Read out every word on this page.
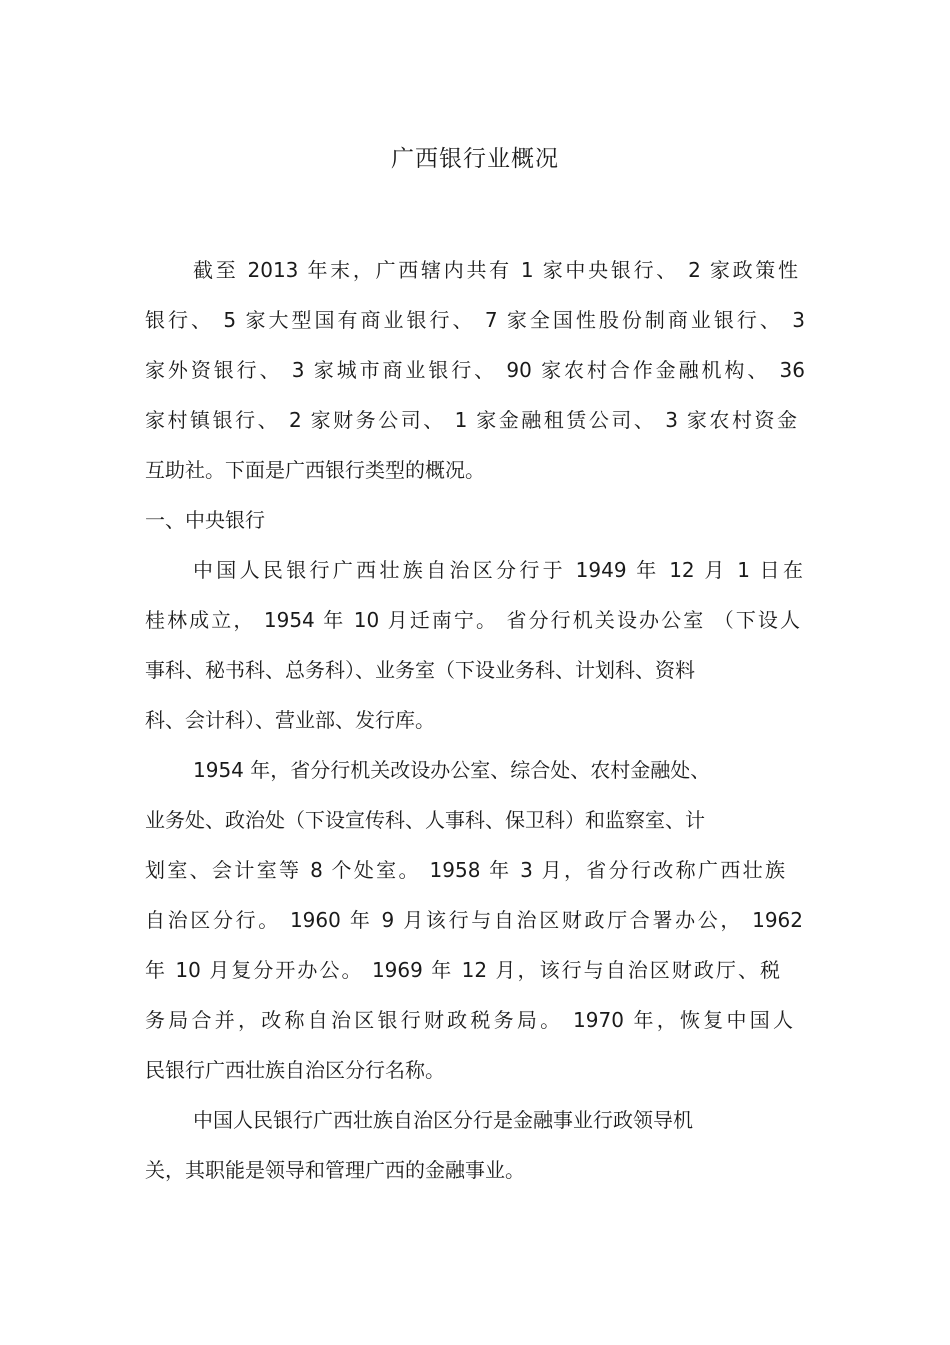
广西银行业概况
截至 2013 年末，广西辖内共有 1 家中央银行、 2 家政策性
银行、 5 家大型国有商业银行、 7 家全国性股份制商业银行、 3
家外资银行、 3 家城市商业银行、 90 家农村合作金融机构、 36
家村镇银行、 2 家财务公司、 1 家金融租赁公司、 3 家农村资金
互助社。下面是广西银行类型的概况。
一、中央银行
中国人民银行广西壮族自治区分行于 1949 年 12 月 1 日在
桂林成立， 1954 年 10 月迁南宁。 省分行机关设办公室 （下设人
事科、秘书科、总务科）、业务室（下设业务科、计划科、资料
科、会计科）、营业部、发行库。
1954 年，省分行机关改设办公室、综合处、农村金融处、
业务处、政治处（下设宣传科、人事科、保卫科）和监察室、计
划室、会计室等 8 个处室。 1958 年 3 月，省分行改称广西壮族
自治区分行。 1960 年 9 月该行与自治区财政厅合署办公， 1962
年 10 月复分开办公。 1969 年 12 月，该行与自治区财政厅、税
务局合并，改称自治区银行财政税务局。 1970 年，恢复中国人
民银行广西壮族自治区分行名称。
中国人民银行广西壮族自治区分行是金融事业行政领导机
关，其职能是领导和管理广西的金融事业。
